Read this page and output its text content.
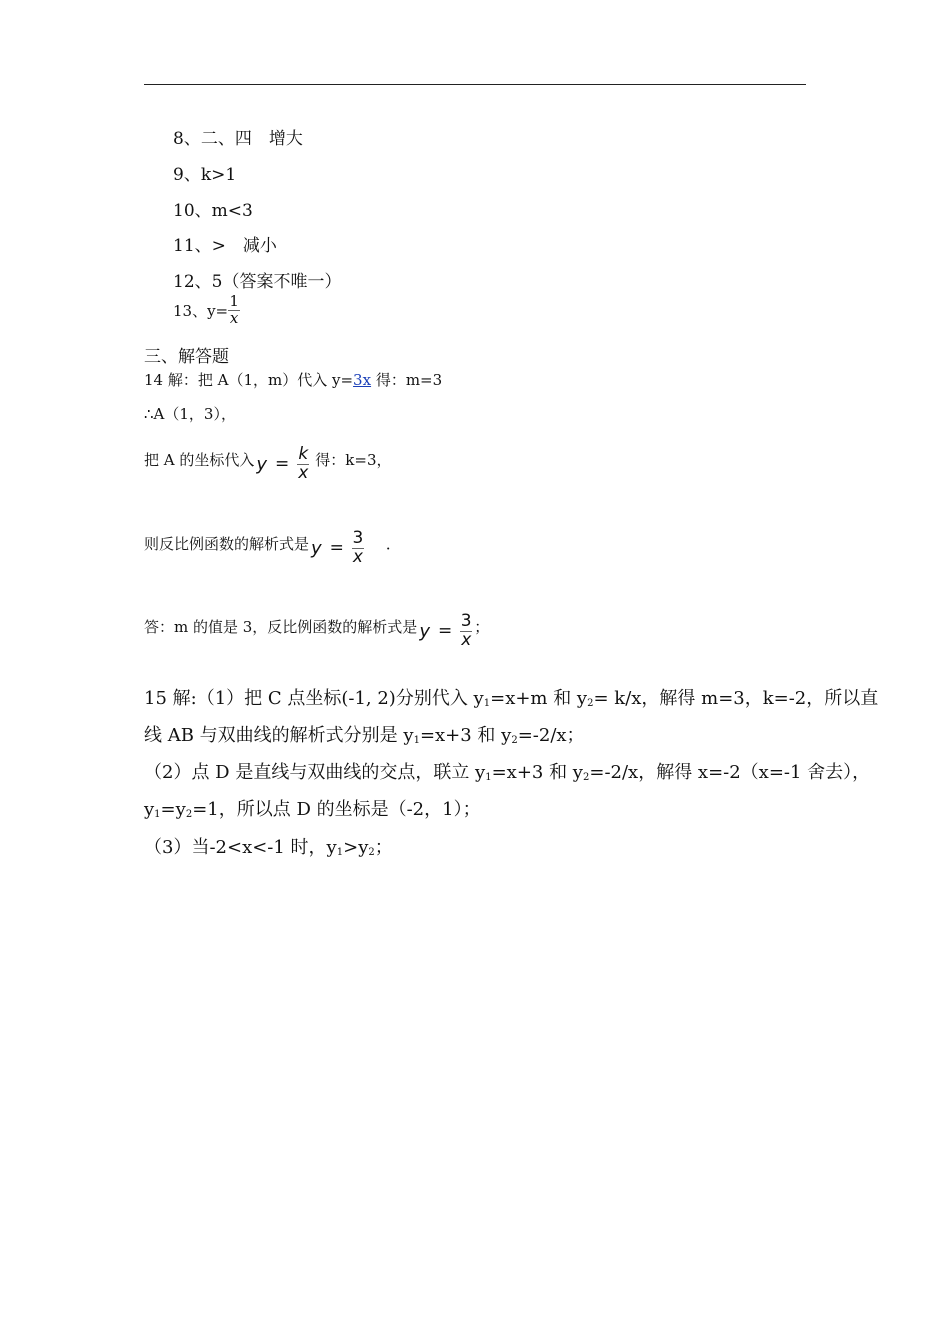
8、二、四　增大
9、k>1
10、m<3
11、>　减小
12、5（答案不唯一）
13、$y= \frac{1}{x}$
三、解答题
14 解：把 A（1，m）代入 y=3x 得：m=3
∴A（1，3），
把 A 的坐标代入 $y = \frac{k}{x}$ 得：k=3，
则反比例函数的解析式是 $y = \frac{3}{x}$ ．
答：m 的值是 3，反比例函数的解析式是 $y = \frac{3}{x}$ ；
15 解:（1）把 C 点坐标(-1, 2)分别代入 $y_1=x+m$ 和 $y_2= k/x$，解得 m=3，k=-2，所以直
线 AB 与双曲线的解析式分别是 $y_1=x+3$ 和 $y_2=-2/x$；
（2）点 D 是直线与双曲线的交点，联立 $y_1=x+3$ 和 $y_2=-2/x$，解得 x=-2（x=-1 舍去），
$y_1=y_2=1$，所以点 D 的坐标是（-2，1）；
（3）当-2<x<-1 时，$y_1>y_2$；
